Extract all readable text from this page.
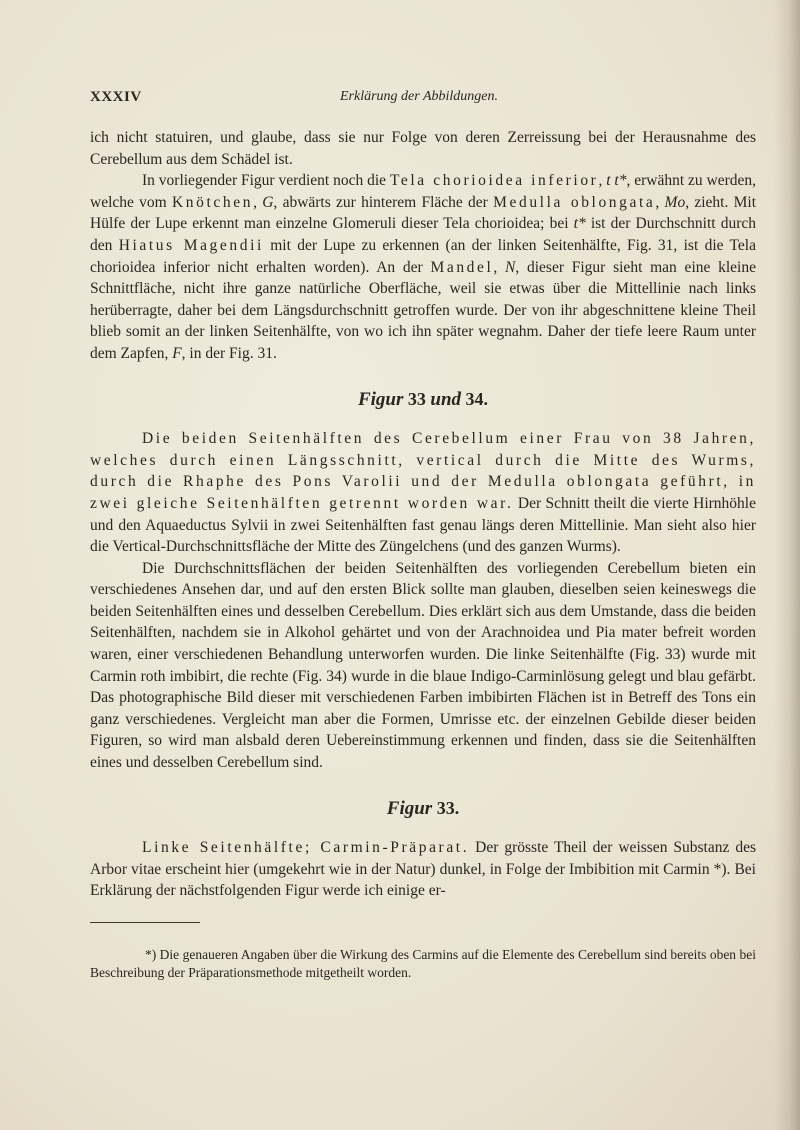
XXXIV	Erklärung der Abbildungen.

ich nicht statuiren, und glaube, dass sie nur Folge von deren Zerreissung bei der Herausnahme des Cerebellum aus dem Schädel ist.

In vorliegender Figur verdient noch die Tela chorioidea inferior, t t*, erwähnt zu werden, welche vom Knötchen, G, abwärts zur hinterem Fläche der Medulla oblongata, Mo, zieht. Mit Hülfe der Lupe erkennt man einzelne Glomeruli dieser Tela chorioidea; bei t* ist der Durchschnitt durch den Hiatus Magendii mit der Lupe zu erkennen (an der linken Seitenhälfte, Fig. 31, ist die Tela chorioidea inferior nicht erhalten worden). An der Mandel, N, dieser Figur sieht man eine kleine Schnittfläche, nicht ihre ganze natürliche Oberfläche, weil sie etwas über die Mittellinie nach links herüberragte, daher bei dem Längsdurchschnitt getroffen wurde. Der von ihr abgeschnittene kleine Theil blieb somit an der linken Seitenhälfte, von wo ich ihn später wegnahm. Daher der tiefe leere Raum unter dem Zapfen, F, in der Fig. 31.

Figur 33 und 34.

Die beiden Seitenhälften des Cerebellum einer Frau von 38 Jahren, welches durch einen Längsschnitt, vertical durch die Mitte des Wurms, durch die Rhaphe des Pons Varolii und der Medulla oblongata geführt, in zwei gleiche Seitenhälften getrennt worden war. Der Schnitt theilt die vierte Hirnhöhle und den Aquaeductus Sylvii in zwei Seitenhälften fast genau längs deren Mittellinie. Man sieht also hier die Vertical-Durchschnittsfläche der Mitte des Züngelchens (und des ganzen Wurms).

Die Durchschnittsflächen der beiden Seitenhälften des vorliegenden Cerebellum bieten ein verschiedenes Ansehen dar, und auf den ersten Blick sollte man glauben, dieselben seien keineswegs die beiden Seitenhälften eines und desselben Cerebellum. Dies erklärt sich aus dem Umstande, dass die beiden Seitenhälften, nachdem sie in Alkohol gehärtet und von der Arachnoidea und Pia mater befreit worden waren, einer verschiedenen Behandlung unterworfen wurden. Die linke Seitenhälfte (Fig. 33) wurde mit Carmin roth imbibirt, die rechte (Fig. 34) wurde in die blaue Indigo-Carminlösung gelegt und blau gefärbt. Das photographische Bild dieser mit verschiedenen Farben imbibirten Flächen ist in Betreff des Tons ein ganz verschiedenes. Vergleicht man aber die Formen, Umrisse etc. der einzelnen Gebilde dieser beiden Figuren, so wird man alsbald deren Uebereinstimmung erkennen und finden, dass sie die Seitenhälften eines und desselben Cerebellum sind.

Figur 33.

Linke Seitenhälfte; Carmin-Präparat. Der grösste Theil der weissen Substanz des Arbor vitae erscheint hier (umgekehrt wie in der Natur) dunkel, in Folge der Imbibition mit Carmin *). Bei Erklärung der nächstfolgenden Figur werde ich einige er-

*) Die genaueren Angaben über die Wirkung des Carmins auf die Elemente des Cerebellum sind bereits oben bei Beschreibung der Präparationsmethode mitgetheilt worden.
